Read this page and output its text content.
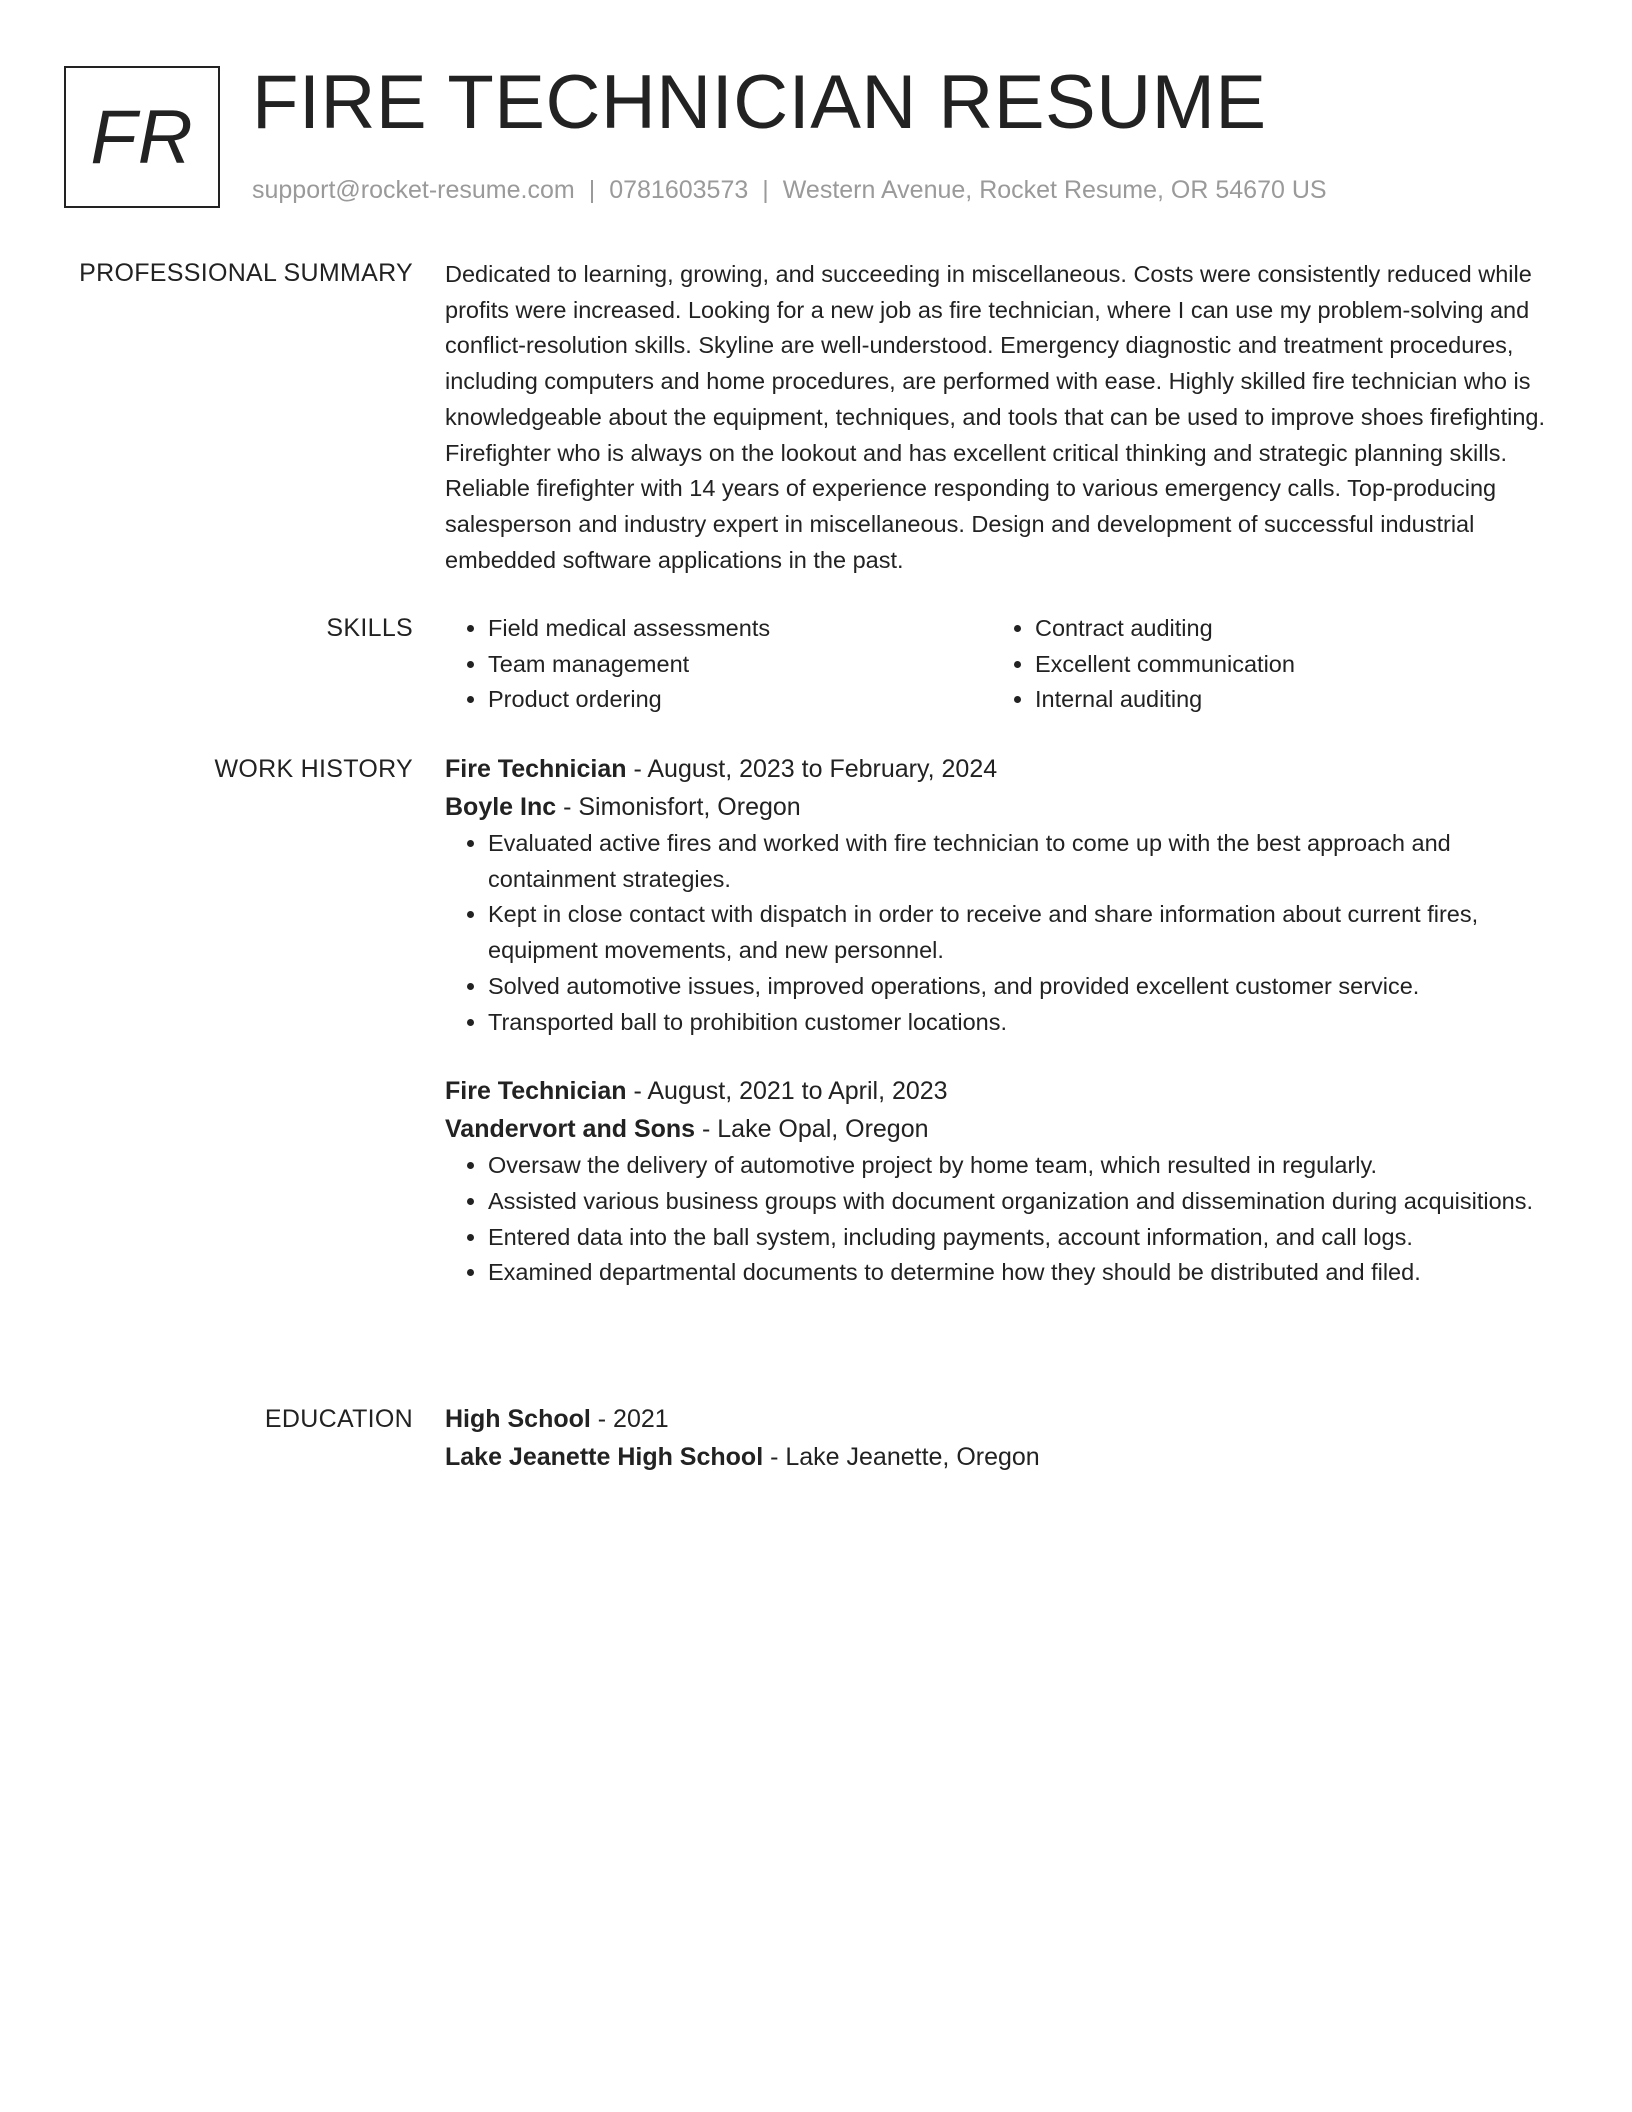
FR FIRE TECHNICIAN RESUME
support@rocket-resume.com | 0781603573 | Western Avenue, Rocket Resume, OR 54670 US
PROFESSIONAL SUMMARY Dedicated to learning, growing, and succeeding in miscellaneous. Costs were consistently reduced while profits were increased. Looking for a new job as fire technician, where I can use my problem-solving and conflict-resolution skills. Skyline are well-understood. Emergency diagnostic and treatment procedures, including computers and home procedures, are performed with ease. Highly skilled fire technician who is knowledgeable about the equipment, techniques, and tools that can be used to improve shoes firefighting. Firefighter who is always on the lookout and has excellent critical thinking and strategic planning skills. Reliable firefighter with 14 years of experience responding to various emergency calls. Top-producing salesperson and industry expert in miscellaneous. Design and development of successful industrial embedded software applications in the past.

SKILLS
•	Field medical assessments
• Team management
• Product ordering
• Contract auditing
• Excellent communication
• Internal auditing
WORK HISTORY Fire Technician - August, 2023 to February, 2024
Boyle Inc - Simonisfort, Oregon
• Evaluated active fires and worked with fire technician to come up with the best approach and containment strategies.
• Kept in close contact with dispatch in order to receive and share information about current fires, equipment movements, and new personnel.
• Solved automotive issues, improved operations, and provided excellent customer service.
• Transported ball to prohibition customer locations.
Fire Technician - August, 2021 to April, 2023
Vandervort and Sons - Lake Opal, Oregon
• Oversaw the delivery of automotive project by home team, which resulted in regularly.
• Assisted various business groups with document organization and dissemination during acquisitions.
• Entered data into the ball system, including payments, account information, and call logs.
• Examined departmental documents to determine how they should be distributed and filed.
EDUCATION High School - 2021
Lake Jeanette High School - Lake Jeanette, Oregon
